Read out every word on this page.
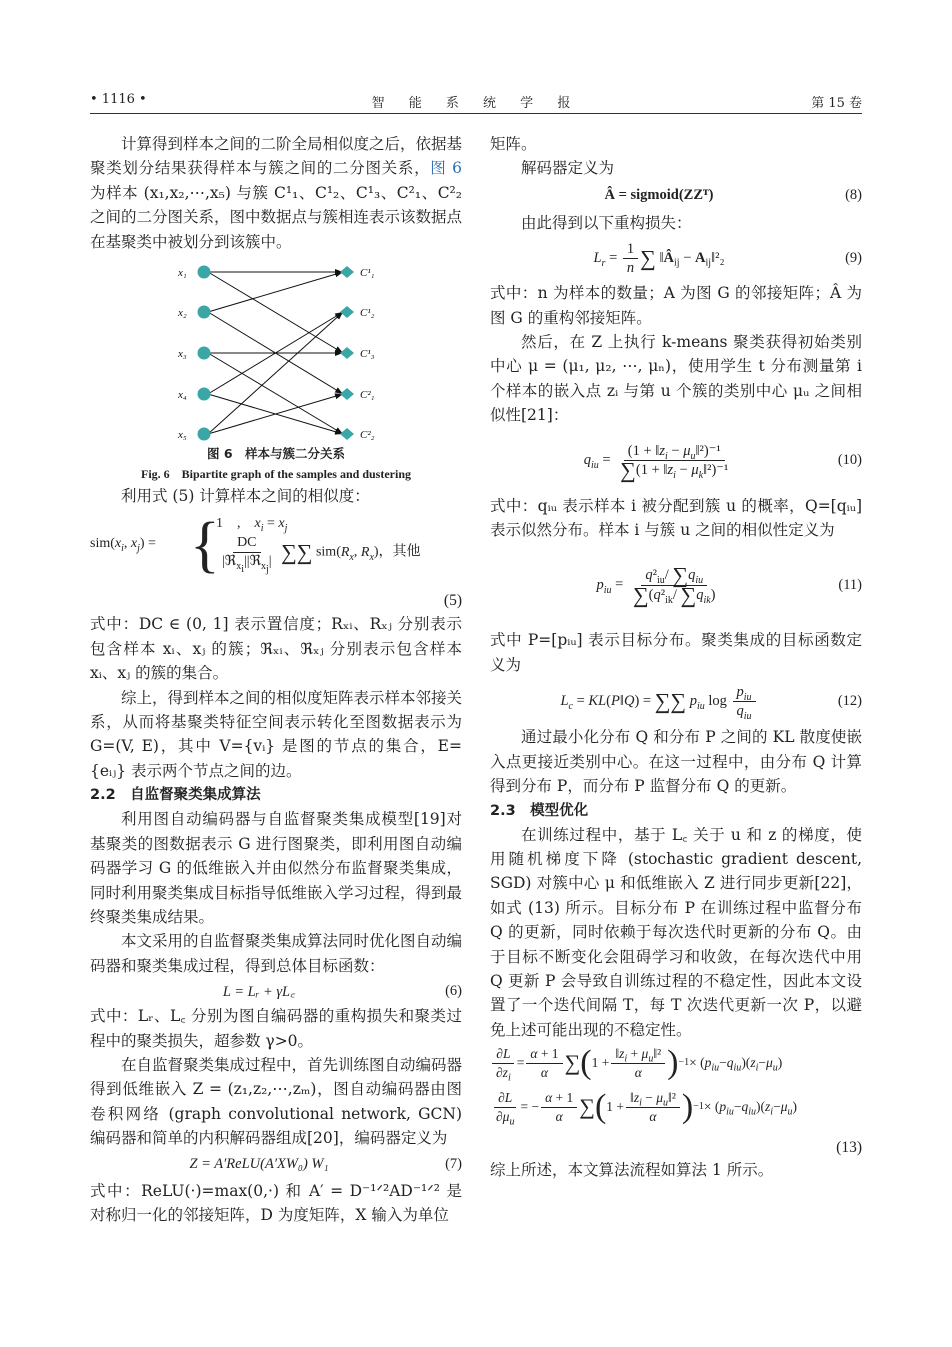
• 1116 •	智 能 系 统 学 报	第 15 卷

计算得到样本之间的二阶全局相似度之后，依据基聚类划分结果获得样本与簇之间的二分图关系，图 6 为样本 (x₁,x₂,⋯,x₅) 与簇 C¹₁、C¹₂、C¹₃、C²₁、C²₂ 之间的二分图关系，图中数据点与簇相连表示该数据点在基聚类中被划分到该簇中。

x₁
x₂
x₃
x₄
x₅
C¹₁
C¹₂
C¹₃
C²₁
C²₂
图 6　样本与簇二分关系
Fig. 6　Bipartite graph of the samples and dustering

利用式 (5) 计算样本之间的相似度：

$sim(x_i$, $x_j$) = {
1　,　$x_i = x_j$
$\frac{DC}{|ℜ_{x_i}||ℜ_{x_j}|}$ ∑∑ $sim(R_x$, $R_x$)，其他
(5)

式中：DC ∈ (0, 1] 表示置信度；Rₓᵢ、Rₓⱼ 分别表示包含样本 xᵢ、xⱼ 的簇；ℜₓᵢ、ℜₓⱼ 分别表示包含样本 xᵢ、xⱼ 的簇的集合。

综上，得到样本之间的相似度矩阵表示样本邻接关系，从而将基聚类特征空间表示转化至图数据表示为 G=(V, E)，其中 V={vᵢ} 是图的节点的集合，E={eᵢⱼ} 表示两个节点之间的边。

2.2　自监督聚类集成算法

利用图自动编码器与自监督聚类集成模型[19]对基聚类的图数据表示 G 进行图聚类，即利用图自动编码器学习 G 的低维嵌入并由似然分布监督聚类集成，同时利用聚类集成目标指导低维嵌入学习过程，得到最终聚类集成结果。

本文采用的自监督聚类集成算法同时优化图自动编码器和聚类集成过程，得到总体目标函数：

L = Lᵣ + γL꜀	(6)

式中：Lᵣ、L꜀ 分别为图自编码器的重构损失和聚类过程中的聚类损失，超参数 γ>0。

在自监督聚类集成过程中，首先训练图自动编码器得到低维嵌入 Z = (z₁,z₂,⋯,zₘ)，图自动编码器由图卷积网络 (graph convolutional network, GCN) 编码器和简单的内积解码器组成[20]，编码器定义为

Z = A′ReLU(A′XW₀) W₁	(7)

式中：ReLU(·)=max(0,·) 和 A′ = D⁻¹ᐟ²AD⁻¹ᐟ² 是对称归一化的邻接矩阵，D 为度矩阵，X 输入为单位

矩阵。

解码器定义为

Â = sigmoid(ZZᵀ)	(8)

由此得到以下重构损失：

$L_r = \frac{1}{n}$ ∑ $‖Â_{ij}$ − $A_{ij}‖^2_2$	(9)

式中：n 为样本的数量；A 为图 G 的邻接矩阵；Â 为图 G 的重构邻接矩阵。

然后，在 Z 上执行 k-means 聚类获得初始类别中心 μ = (μ₁, μ₂, ⋯, μₙ)，使用学生 t 分布测量第 i 个样本的嵌入点 zᵢ 与第 u 个簇的类别中心 μᵤ 之间相似性[21]：

$q_{iu} = \frac{(1 + ‖z_i - \mu_u‖^2)^{-1}}{\sum(1 + ‖z_i - \mu_k‖^2)^{-1}}$	(10)

式中：qᵢᵤ 表示样本 i 被分配到簇 u 的概率，Q=[qᵢᵤ] 表示似然分布。样本 i 与簇 u 之间的相似性定义为

$p_{iu} = \frac{q^2_{iu}/ \sum q_{iu}}{\sum(q^2_{ik}/ \sum q_{ik})}$	(11)

式中 P=[pᵢᵤ] 表示目标分布。聚类集成的目标函数定义为

$L_c$ = KL(P‖Q) = ∑∑ $p_{iu}$ $\log \frac{p_{iu}}{q_{iu}}$	(12)

通过最小化分布 Q 和分布 P 之间的 KL 散度使嵌入点更接近类别中心。在这一过程中，由分布 Q 计算得到分布 P，而分布 P 监督分布 Q 的更新。

2.3　模型优化

在训练过程中，基于 L꜀ 关于 u 和 z 的梯度，使用随机梯度下降 (stochastic gradient descent, SGD) 对簇中心 μ 和低维嵌入 Z 进行同步更新[22]，如式 (13) 所示。目标分布 P 在训练过程中监督分布 Q 的更新，同时依赖于每次迭代时更新的分布 Q。由于目标不断变化会阻碍学习和收敛，在每次迭代中用 Q 更新 P 会导致自训练过程的不稳定性，因此本文设置了一个迭代间隔 T，每 T 次迭代更新一次 P，以避免上述可能出现的不稳定性。

$\frac{\partial L}{\partial z_i} = \frac{\alpha + 1}{\alpha}$ ∑ ( $1 + \frac{‖z_i + \mu_u‖^2}{\alpha}$ ) −1 × ( $p_{iu} - q_{iu}$ )( $z_i - \mu_u$ )
$\frac{\partial L}{\partial\mu_u}$ = − $\frac{\alpha + 1}{\alpha}$ ∑ ( $1 + \frac{‖z_i - \mu_u‖^2}{\alpha}$ ) −1 × ( $p_{iu} - q_{iu}$ )( $z_i - \mu_u$ )
(13)

综上所述，本文算法流程如算法 1 所示。
